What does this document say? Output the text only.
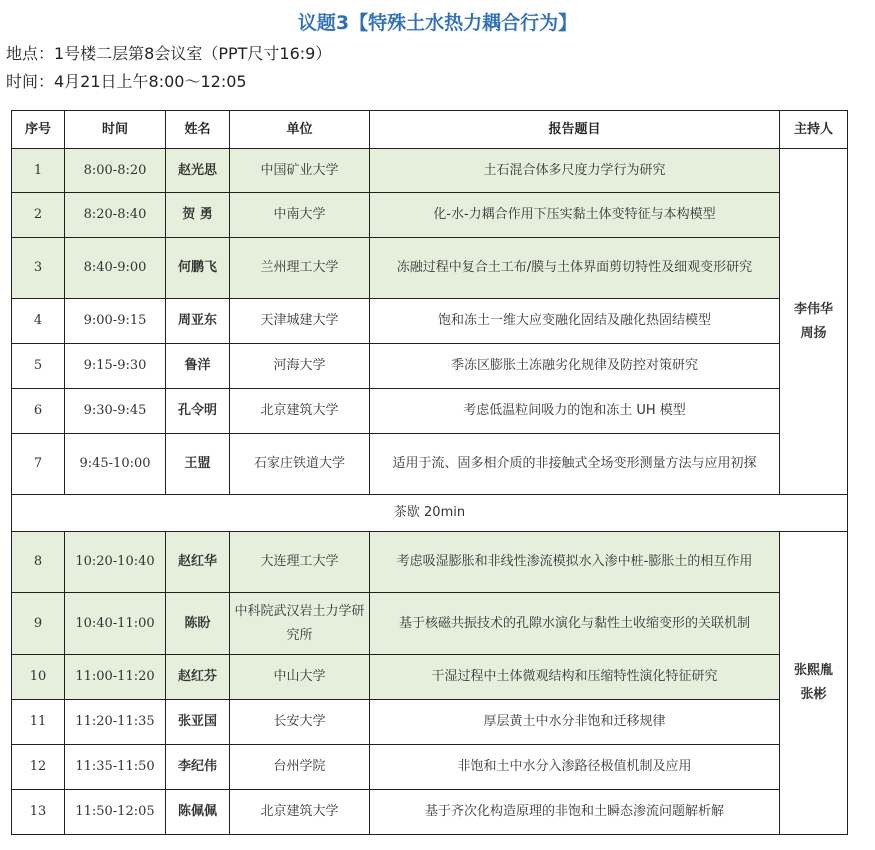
议题3【特殊土水热力耦合行为】
地点：1号楼二层第8会议室（PPT尺寸16:9）
时间：4月21日上午8:00～12:05
序号	时间	姓名	单位	报告题目	主持人
1	8:00-8:20	赵光思	中国矿业大学	土石混合体多尺度力学行为研究	李伟华
周扬

2	8:20-8:40	贺 勇	中南大学	化-水-力耦合作用下压实黏土体变特征与本构模型	
3	8:40-9:00	何鹏飞	兰州理工大学	冻融过程中复合土工布/膜与土体界面剪切特性及细观变形研究	
4	9:00-9:15	周亚东	天津城建大学	饱和冻土一维大应变融化固结及融化热固结模型	
5	9:15-9:30	鲁洋	河海大学	季冻区膨胀土冻融劣化规律及防控对策研究	
6	9:30-9:45	孔令明	北京建筑大学	考虑低温粒间吸力的饱和冻土 UH 模型	
7	9:45-10:00	王盟	石家庄铁道大学	适用于流、固多相介质的非接触式全场变形测量方法与应用初探	
茶歇 20min					
8	10:20-10:40	赵红华	大连理工大学	考虑吸湿膨胀和非线性渗流模拟水入渗中桩-膨胀土的相互作用	张熙胤
张彬

9	10:40-11:00	陈盼	中科院武汉岩土力学研究所	基于核磁共振技术的孔隙水演化与黏性土收缩变形的关联机制	
10	11:00-11:20	赵红芬	中山大学	干湿过程中土体微观结构和压缩特性演化特征研究	
11	11:20-11:35	张亚国	长安大学	厚层黄土中水分非饱和迁移规律	
12	11:35-11:50	李纪伟	台州学院	非饱和土中水分入渗路径极值机制及应用	
13	11:50-12:05	陈佩佩	北京建筑大学	基于齐次化构造原理的非饱和土瞬态渗流问题解析解	
